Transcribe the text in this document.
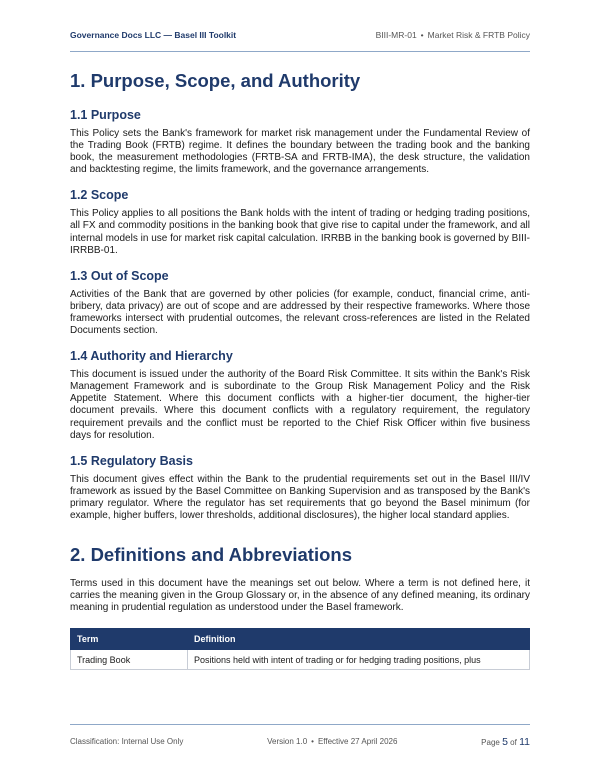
Governance Docs LLC — Basel III Toolkit	BIII-MR-01 • Market Risk & FRTB Policy
1. Purpose, Scope, and Authority
1.1 Purpose

This Policy sets the Bank's framework for market risk management under the Fundamental Review of the Trading Book (FRTB) regime. It defines the boundary between the trading book and the banking book, the measurement methodologies (FRTB-SA and FRTB-IMA), the desk structure, the validation and backtesting regime, the limits framework, and the governance arrangements.

1.2 Scope

This Policy applies to all positions the Bank holds with the intent of trading or hedging trading positions, all FX and commodity positions in the banking book that give rise to capital under the framework, and all internal models in use for market risk capital calculation. IRRBB in the banking book is governed by BIII-IRRBB-01.

1.3 Out of Scope

Activities of the Bank that are governed by other policies (for example, conduct, financial crime, anti-bribery, data privacy) are out of scope and are addressed by their respective frameworks. Where those frameworks intersect with prudential outcomes, the relevant cross-references are listed in the Related Documents section.

1.4 Authority and Hierarchy

This document is issued under the authority of the Board Risk Committee. It sits within the Bank's Risk Management Framework and is subordinate to the Group Risk Management Policy and the Risk Appetite Statement. Where this document conflicts with a higher-tier document, the higher-tier document prevails. Where this document conflicts with a regulatory requirement, the regulatory requirement prevails and the conflict must be reported to the Chief Risk Officer within five business days for resolution.

1.5 Regulatory Basis

This document gives effect within the Bank to the prudential requirements set out in the Basel III/IV framework as issued by the Basel Committee on Banking Supervision and as transposed by the Bank's primary regulator. Where the regulator has set requirements that go beyond the Basel minimum (for example, higher buffers, lower thresholds, additional disclosures), the higher local standard applies.

2. Definitions and Abbreviations

Terms used in this document have the meanings set out below. Where a term is not defined here, it carries the meaning given in the Group Glossary or, in the absence of any defined meaning, its ordinary meaning in prudential regulation as understood under the Basel framework.

Term	Definition
Trading Book	Positions held with intent of trading or for hedging trading positions, plus
Classification: Internal Use Only	Version 1.0 • Effective 27 April 2026	Page 5 of 11
